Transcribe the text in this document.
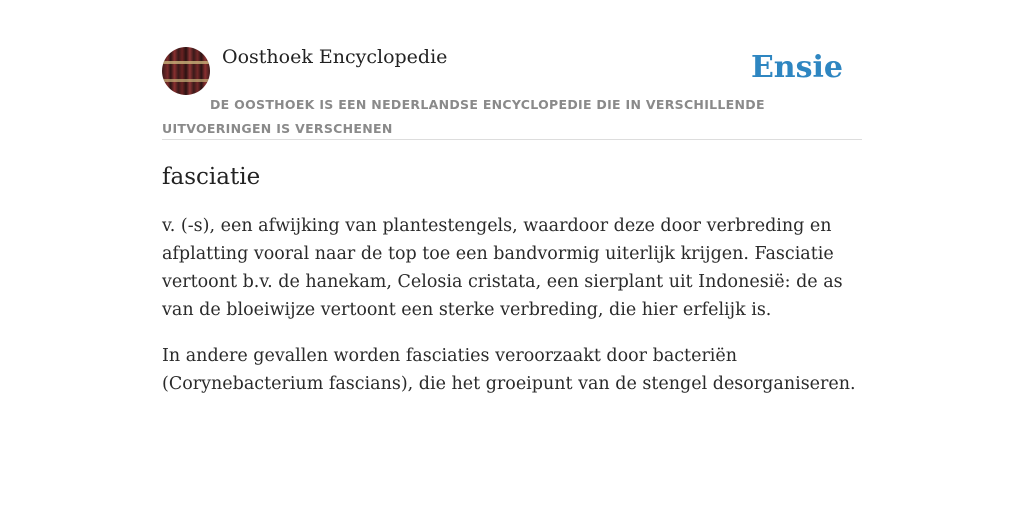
Oosthoek Encyclopedie	Ensie
DE OOSTHOEK IS EEN NEDERLANDSE ENCYCLOPEDIE DIE IN VERSCHILLENDE UITVOERINGEN IS VERSCHENEN
fasciatie

v. (-s), een afwijking van plantestengels, waardoor deze door verbreding en afplatting vooral naar de top toe een bandvormig uiterlijk krijgen. Fasciatie vertoont b.v. de hanekam, Celosia cristata, een sierplant uit Indonesië: de as van de bloeiwijze vertoont een sterke verbreding, die hier erfelijk is.

In andere gevallen worden fasciaties veroorzaakt door bacteriën (Corynebacterium fascians), die het groeipunt van de stengel desorganiseren.
